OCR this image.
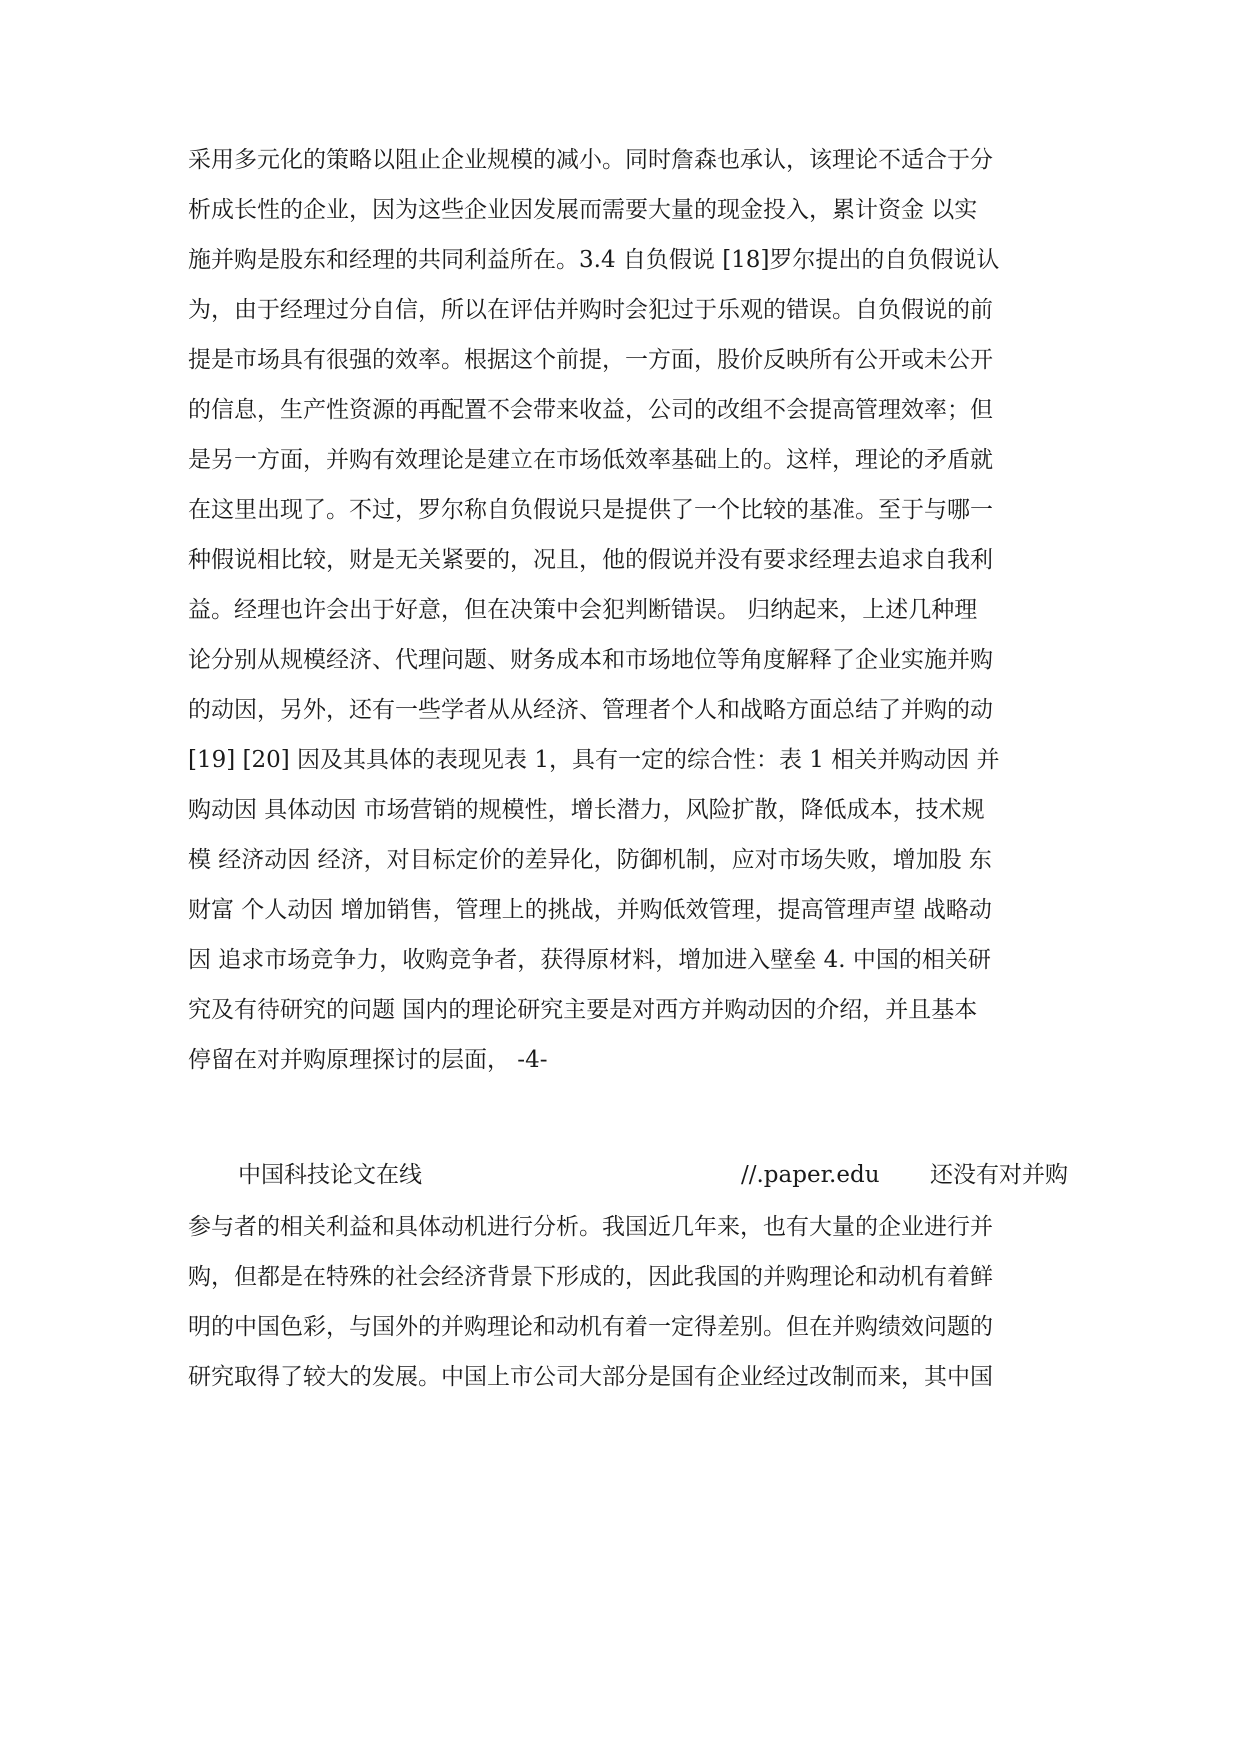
采用多元化的策略以阻止企业规模的减小。同时詹森也承认，该理论不适合于分
析成长性的企业，因为这些企业因发展而需要大量的现金投入，累计资金 以实
施并购是股东和经理的共同利益所在。3.4 自负假说 [18]罗尔提出的自负假说认
为，由于经理过分自信，所以在评估并购时会犯过于乐观的错误。自负假说的前
提是市场具有很强的效率。根据这个前提，一方面，股价反映所有公开或未公开
的信息，生产性资源的再配置不会带来收益，公司的改组不会提高管理效率；但
是另一方面，并购有效理论是建立在市场低效率基础上的。这样，理论的矛盾就
在这里出现了。不过，罗尔称自负假说只是提供了一个比较的基准。至于与哪一
种假说相比较，财是无关紧要的，况且，他的假说并没有要求经理去追求自我利
益。经理也许会出于好意，但在决策中会犯判断错误。 归纳起来，上述几种理
论分别从规模经济、代理问题、财务成本和市场地位等角度解释了企业实施并购
的动因，另外，还有一些学者从从经济、管理者个人和战略方面总结了并购的动
[19] [20] 因及其具体的表现见表 1，具有一定的综合性：表 1 相关并购动因 并
购动因 具体动因 市场营销的规模性，增长潜力，风险扩散，降低成本，技术规
模 经济动因 经济，对目标定价的差异化，防御机制，应对市场失败，增加股 东
财富 个人动因 增加销售，管理上的挑战，并购低效管理，提高管理声望 战略动
因 追求市场竞争力，收购竞争者，获得原材料，增加进入壁垒 4. 中国的相关研
究及有待研究的问题 国内的理论研究主要是对西方并购动因的介绍，并且基本
停留在对并购原理探讨的层面， -4-
中国科技论文在线	//.paper.edu 还没有对并购
参与者的相关利益和具体动机进行分析。我国近几年来，也有大量的企业进行并
购，但都是在特殊的社会经济背景下形成的，因此我国的并购理论和动机有着鲜
明的中国色彩，与国外的并购理论和动机有着一定得差别。但在并购绩效问题的
研究取得了较大的发展。中国上市公司大部分是国有企业经过改制而来，其中国
